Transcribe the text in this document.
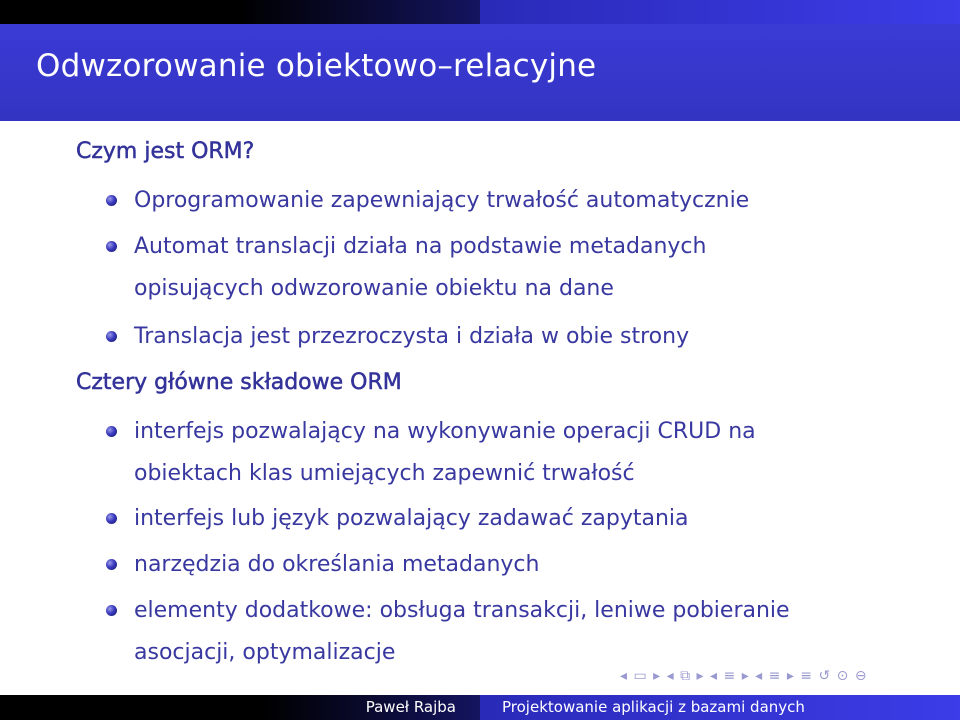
Odwzorowanie obiektowo–relacyjne
Czym jest ORM?

Oprogramowanie zapewniający trwałość automatycznie

Automat translacji działa na podstawie metadanych opisujących odwzorowanie obiektu na dane

Translacja jest przezroczysta i działa w obie strony

Cztery główne składowe ORM

interfejs pozwalający na wykonywanie operacji CRUD na obiektach klas umiejących zapewnić trwałość

interfejs lub język pozwalający zadawać zapytania

narzędzia do określania metadanych

elementy dodatkowe: obsługa transakcji, leniwe pobieranie asocjacji, optymalizacje

◂ ▭ ▸ ◂ ⧉ ▸ ◂ ≡ ▸ ◂ ≡ ▸ ≡ ↺ ⊙ ⊖
Paweł Rajba	Projektowanie aplikacji z bazami danych
